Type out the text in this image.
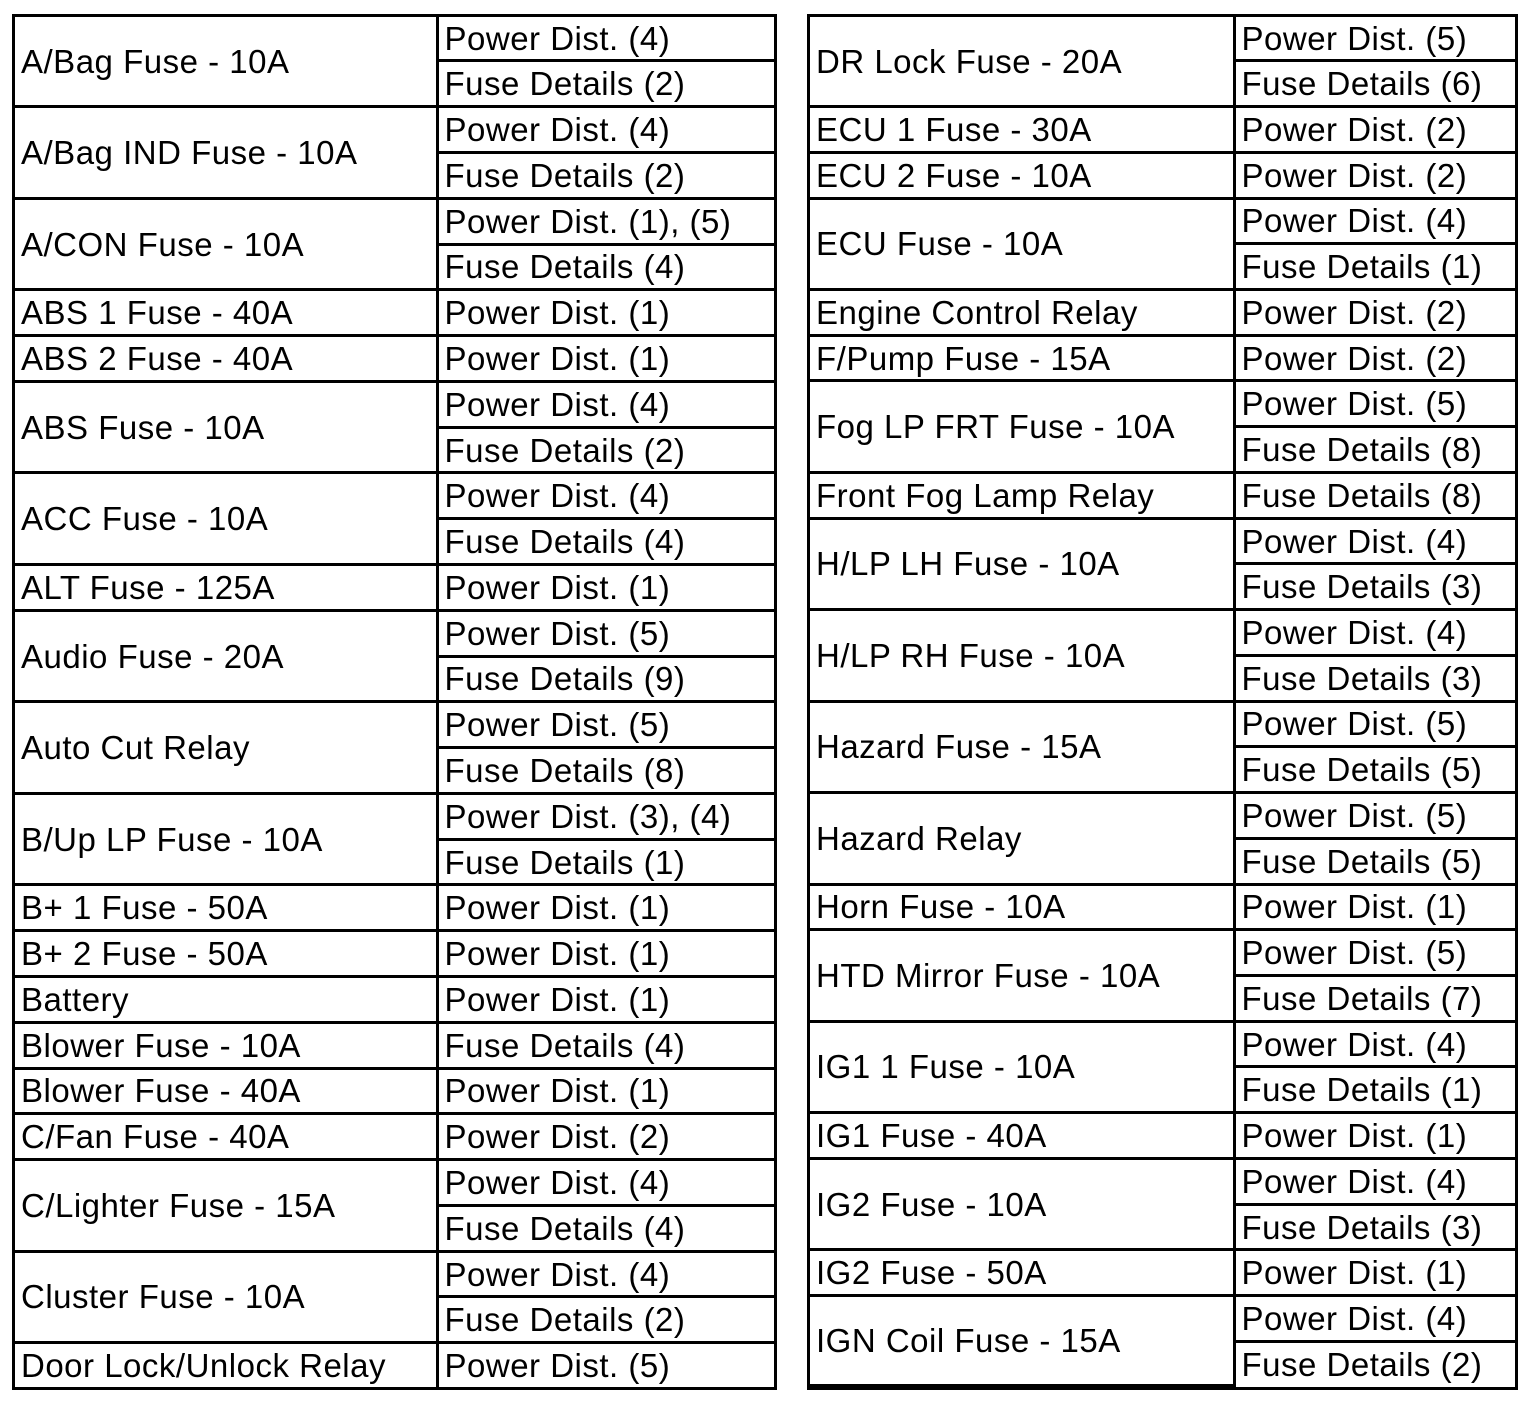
A/Bag Fuse - 10A	Power Dist. (4)
	Fuse Details (2)
A/Bag IND Fuse - 10A	Power Dist. (4)
	Fuse Details (2)
A/CON Fuse - 10A	Power Dist. (1), (5)
	Fuse Details (4)
ABS 1 Fuse - 40A	Power Dist. (1)
ABS 2 Fuse - 40A	Power Dist. (1)
ABS Fuse - 10A	Power Dist. (4)
	Fuse Details (2)
ACC Fuse - 10A	Power Dist. (4)
	Fuse Details (4)
ALT Fuse - 125A	Power Dist. (1)
Audio Fuse - 20A	Power Dist. (5)
	Fuse Details (9)
Auto Cut Relay	Power Dist. (5)
	Fuse Details (8)
B/Up LP Fuse - 10A	Power Dist. (3), (4)
	Fuse Details (1)
B+ 1 Fuse - 50A	Power Dist. (1)
B+ 2 Fuse - 50A	Power Dist. (1)
Battery	Power Dist. (1)
Blower Fuse - 10A	Fuse Details (4)
Blower Fuse - 40A	Power Dist. (1)
C/Fan Fuse - 40A	Power Dist. (2)
C/Lighter Fuse - 15A	Power Dist. (4)
	Fuse Details (4)
Cluster Fuse - 10A	Power Dist. (4)
	Fuse Details (2)
Door Lock/Unlock Relay	Power Dist. (5)
DR Lock Fuse - 20A	Power Dist. (5)
	Fuse Details (6)
ECU 1 Fuse - 30A	Power Dist. (2)
ECU 2 Fuse - 10A	Power Dist. (2)
ECU Fuse - 10A	Power Dist. (4)
	Fuse Details (1)
Engine Control Relay	Power Dist. (2)
F/Pump Fuse - 15A	Power Dist. (2)
Fog LP FRT Fuse - 10A	Power Dist. (5)
	Fuse Details (8)
Front Fog Lamp Relay	Fuse Details (8)
H/LP LH Fuse - 10A	Power Dist. (4)
	Fuse Details (3)
H/LP RH Fuse - 10A	Power Dist. (4)
	Fuse Details (3)
Hazard Fuse - 15A	Power Dist. (5)
	Fuse Details (5)
Hazard Relay	Power Dist. (5)
	Fuse Details (5)
Horn Fuse - 10A	Power Dist. (1)
HTD Mirror Fuse - 10A	Power Dist. (5)
	Fuse Details (7)
IG1 1 Fuse - 10A	Power Dist. (4)
	Fuse Details (1)
IG1 Fuse - 40A	Power Dist. (1)
IG2 Fuse - 10A	Power Dist. (4)
	Fuse Details (3)
IG2 Fuse - 50A	Power Dist. (1)
IGN Coil Fuse - 15A	Power Dist. (4)
	Fuse Details (2)
